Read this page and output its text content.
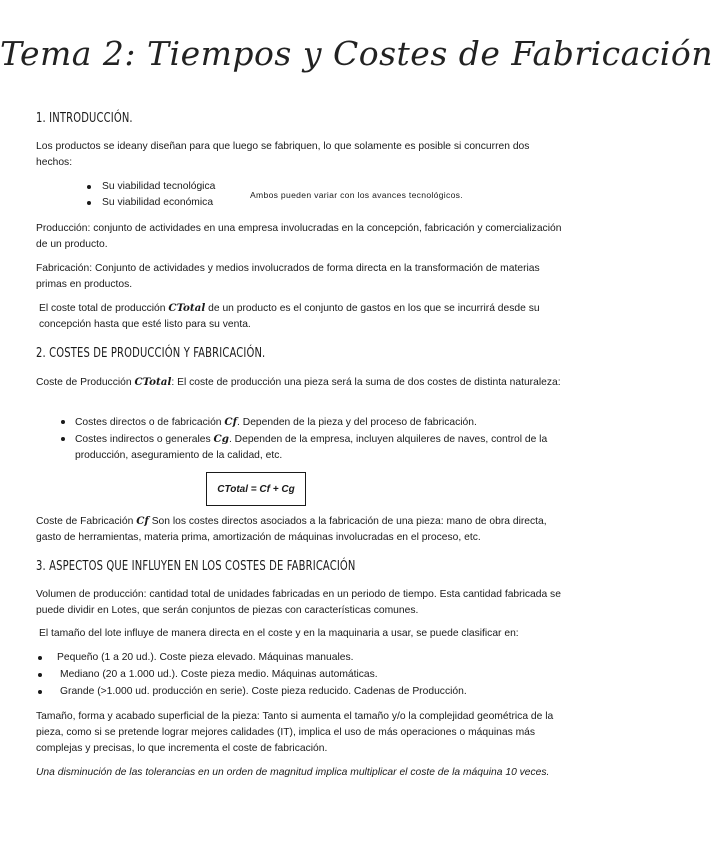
Tema 2: Tiempos y Costes de Fabricación
1. INTRODUCCIÓN.

Los productos se ideany diseñan para que luego se fabriquen, lo que solamente es posible si concurren dos hechos:

Su viabilidad tecnológica

Su viabilidad económica

Ambos pueden variar con los avances tecnológicos.

Producción: conjunto de actividades en una empresa involucradas en la concepción, fabricación y comercialización de un producto.

Fabricación: Conjunto de actividades y medios involucrados de forma directa en la transformación de materias primas en productos.

El coste total de producción CTotal de un producto es el conjunto de gastos en los que se incurrirá desde su concepción hasta que esté listo para su venta.

2. COSTES DE PRODUCCIÓN Y FABRICACIÓN.

Coste de Producción CTotal: El coste de producción una pieza será la suma de dos costes de distinta naturaleza:

Costes directos o de fabricación Cf. Dependen de la pieza y del proceso de fabricación.

Costes indirectos o generales Cg. Dependen de la empresa, incluyen alquileres de naves, control de la producción, aseguramiento de la calidad, etc.

CTotal = Cf + Cg

Coste de Fabricación Cf Son los costes directos asociados a la fabricación de una pieza: mano de obra directa, gasto de herramientas, materia prima, amortización de máquinas involucradas en el proceso, etc.

3. ASPECTOS QUE INFLUYEN EN LOS COSTES DE FABRICACIÓN

Volumen de producción: cantidad total de unidades fabricadas en un periodo de tiempo. Esta cantidad fabricada se puede dividir en Lotes, que serán conjuntos de piezas con características comunes.

El tamaño del lote influye de manera directa en el coste y en la maquinaria a usar, se puede clasificar en:

Pequeño (1 a 20 ud.). Coste pieza elevado. Máquinas manuales.

Mediano (20 a 1.000 ud.). Coste pieza medio. Máquinas automáticas.

Grande (>1.000 ud. producción en serie). Coste pieza reducido. Cadenas de Producción.

Tamaño, forma y acabado superficial de la pieza: Tanto si aumenta el tamaño y/o la complejidad geométrica de la pieza, como si se pretende lograr mejores calidades (IT), implica el uso de más operaciones o máquinas más complejas y precisas, lo que incrementa el coste de fabricación.

Una disminución de las tolerancias en un orden de magnitud implica multiplicar el coste de la máquina 10 veces.
